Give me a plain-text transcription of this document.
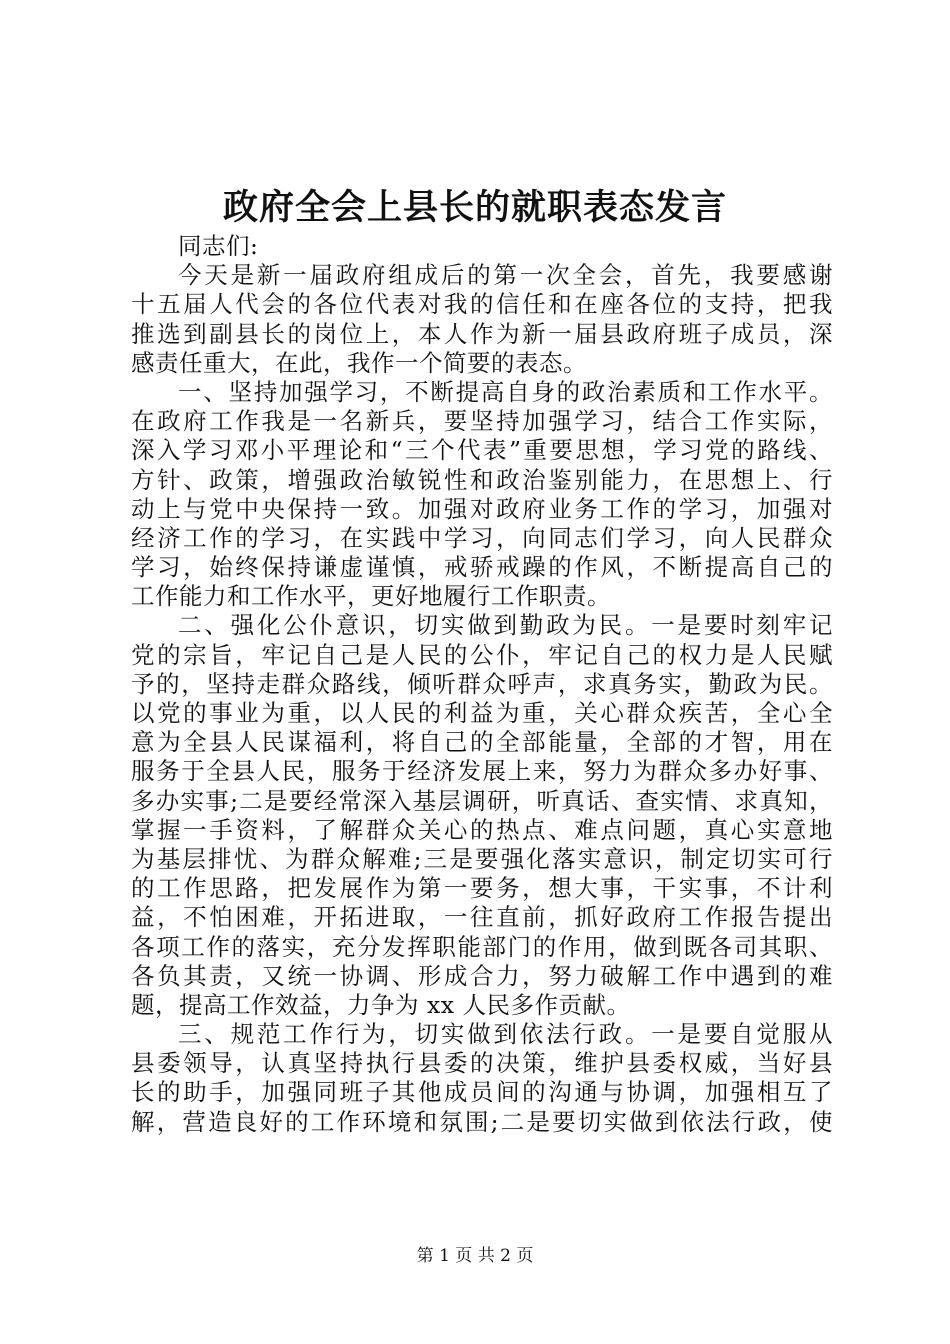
政府全会上县长的就职表态发言
同志们:
今天是新一届政府组成后的第一次全会，首先，我要感谢
十五届人代会的各位代表对我的信任和在座各位的支持，把我
推选到副县长的岗位上，本人作为新一届县政府班子成员，深
感责任重大，在此，我作一个简要的表态。
一、坚持加强学习，不断提高自身的政治素质和工作水平。
在政府工作我是一名新兵，要坚持加强学习，结合工作实际，
深入学习邓小平理论和“三个代表”重要思想，学习党的路线、
方针、政策，增强政治敏锐性和政治鉴别能力，在思想上、行
动上与党中央保持一致。加强对政府业务工作的学习，加强对
经济工作的学习，在实践中学习，向同志们学习，向人民群众
学习，始终保持谦虚谨慎，戒骄戒躁的作风，不断提高自己的
工作能力和工作水平，更好地履行工作职责。
二、强化公仆意识，切实做到勤政为民。一是要时刻牢记
党的宗旨，牢记自己是人民的公仆，牢记自己的权力是人民赋
予的，坚持走群众路线，倾听群众呼声，求真务实，勤政为民。
以党的事业为重，以人民的利益为重，关心群众疾苦，全心全
意为全县人民谋福利，将自己的全部能量，全部的才智，用在
服务于全县人民，服务于经济发展上来，努力为群众多办好事、
多办实事;二是要经常深入基层调研，听真话、查实情、求真知，
掌握一手资料，了解群众关心的热点、难点问题，真心实意地
为基层排忧、为群众解难;三是要强化落实意识，制定切实可行
的工作思路，把发展作为第一要务，想大事，干实事，不计利
益，不怕困难，开拓进取，一往直前，抓好政府工作报告提出
各项工作的落实，充分发挥职能部门的作用，做到既各司其职、
各负其责，又统一协调、形成合力，努力破解工作中遇到的难
题，提高工作效益，力争为 xx 人民多作贡献。
三、规范工作行为，切实做到依法行政。一是要自觉服从
县委领导，认真坚持执行县委的决策，维护县委权威，当好县
长的助手，加强同班子其他成员间的沟通与协调，加强相互了
解，营造良好的工作环境和氛围;二是要切实做到依法行政，使
第 1 页 共 2 页
